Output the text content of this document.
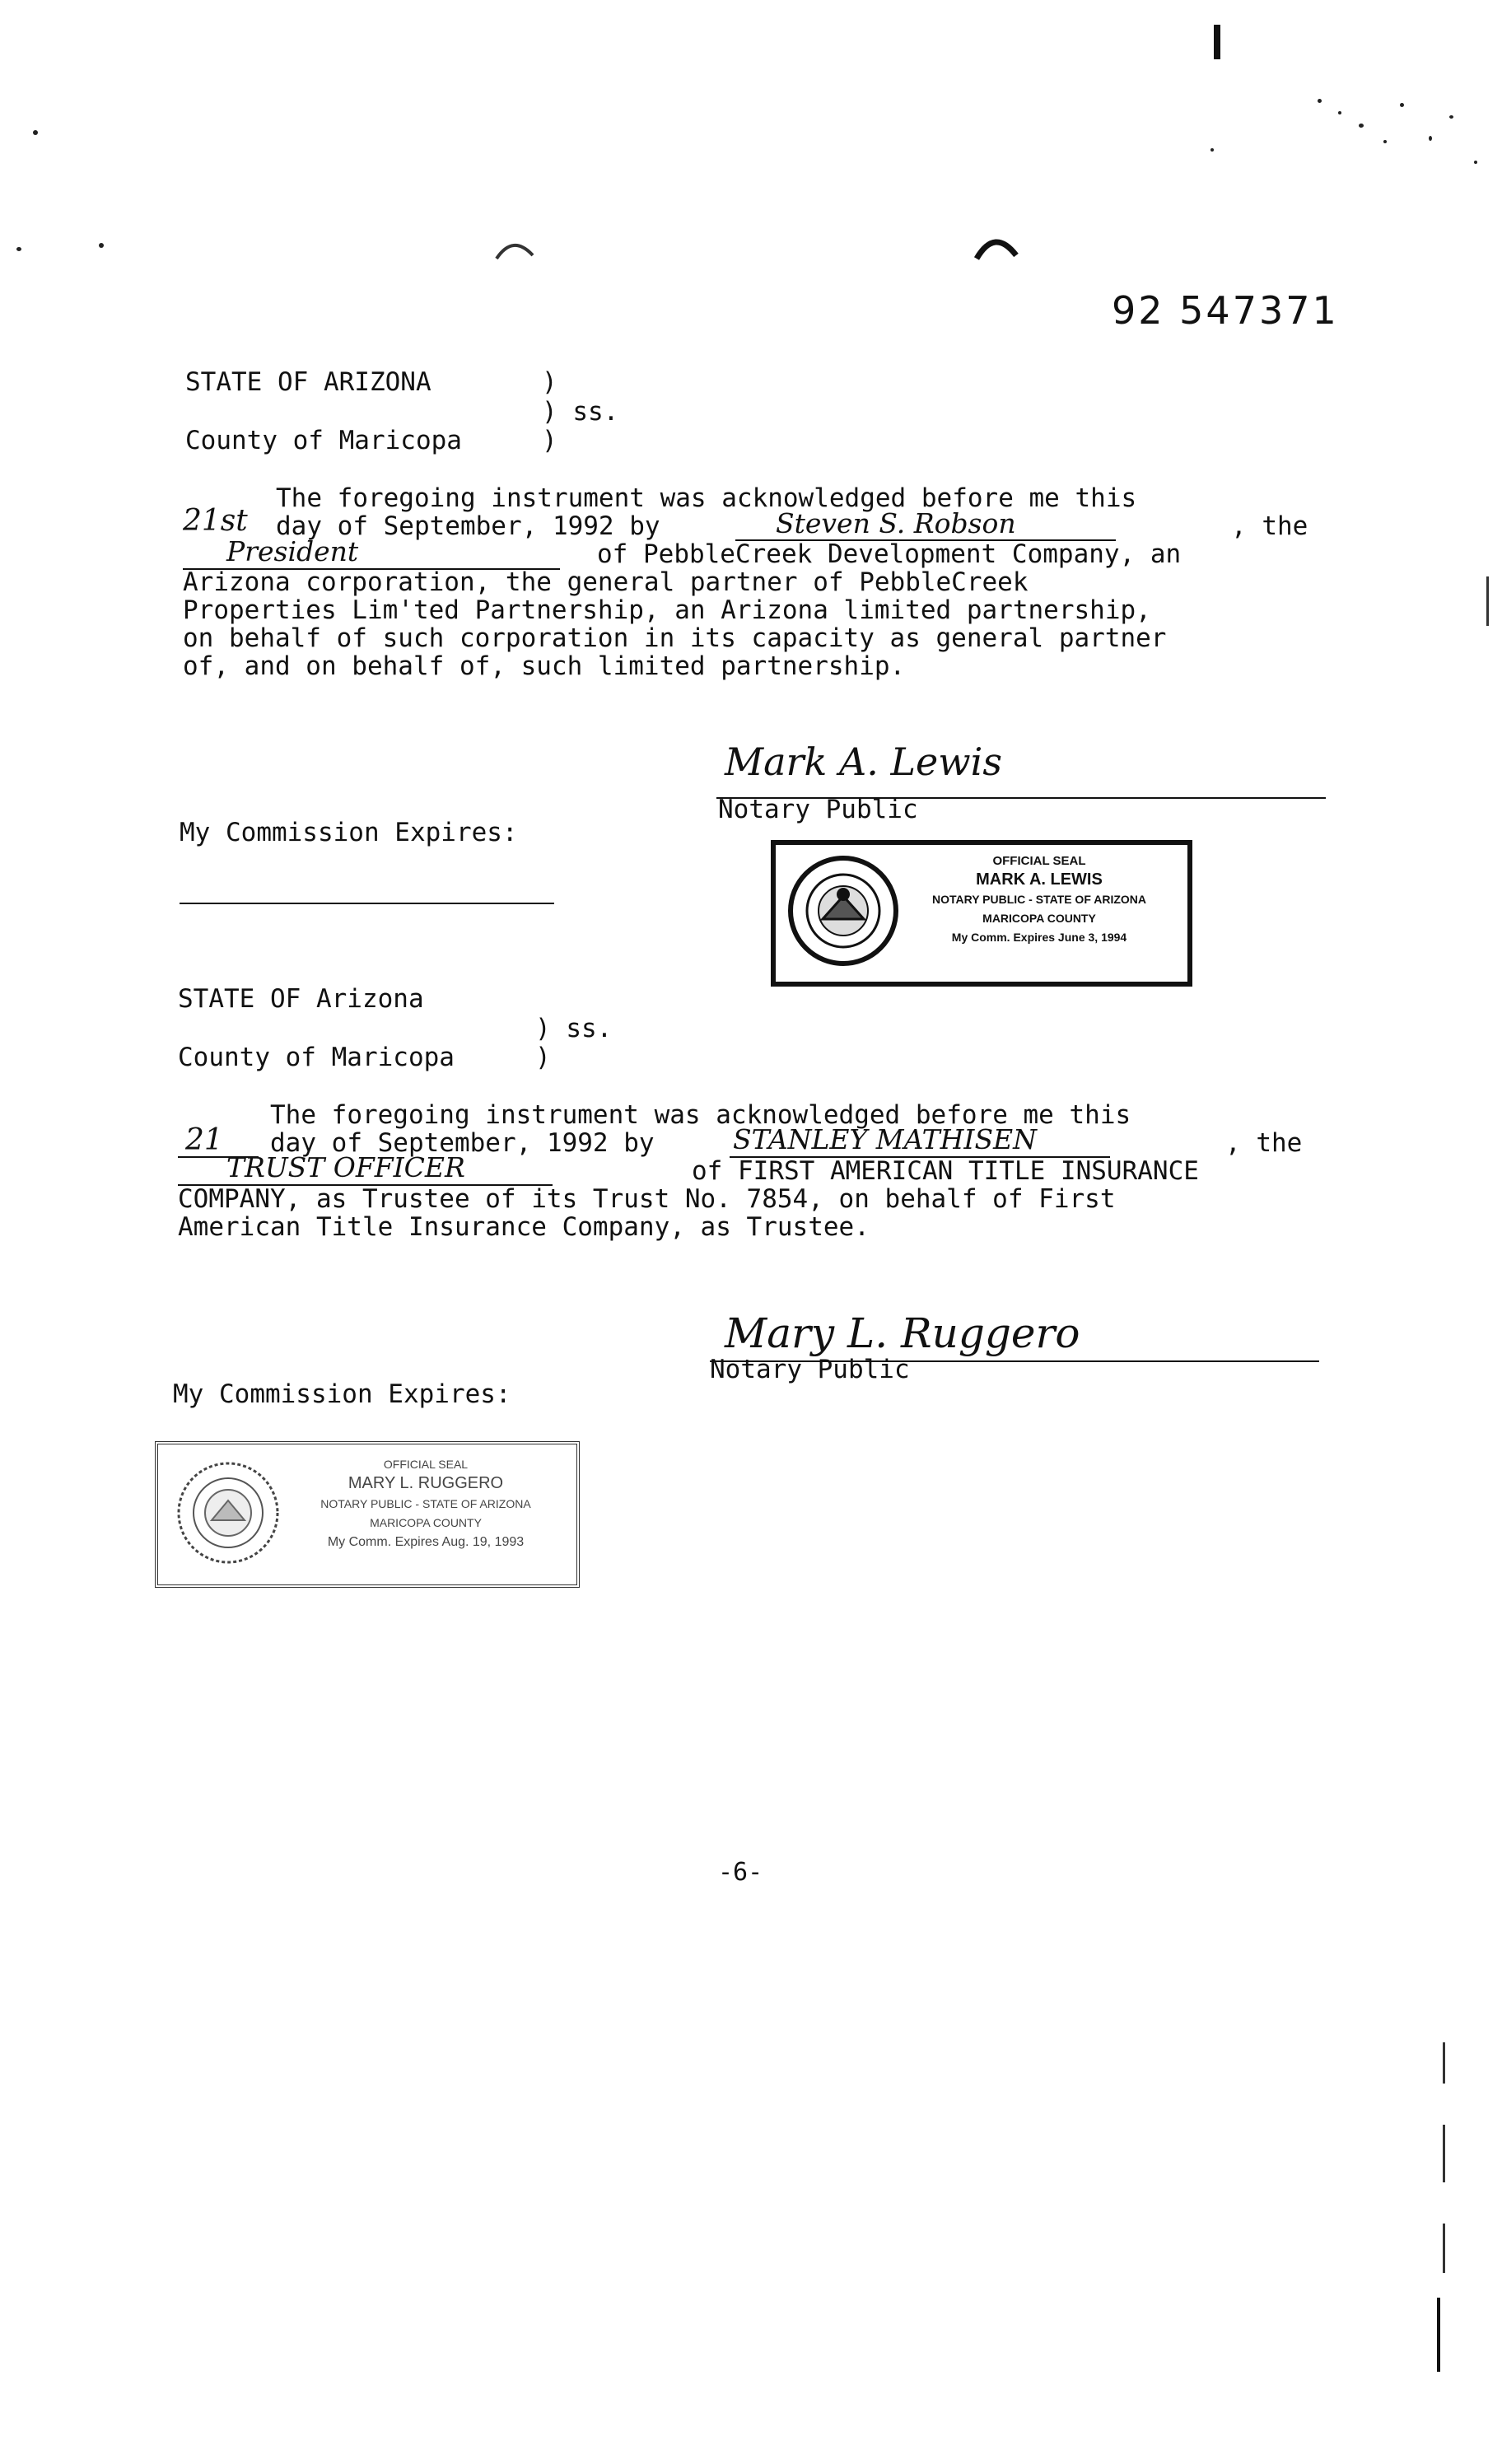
92 547371
STATE OF ARIZONA	)
) ss.
County of Maricopa	)
The foregoing instrument was acknowledged before me this
21st day of September, 1992 by	Steven S. Robson	, the
President	of PebbleCreek Development Company, an
Arizona corporation, the general partner of PebbleCreek
Properties Lim'ted Partnership, an Arizona limited partnership,
on behalf of such corporation in its capacity as general partner
of, and on behalf of, such limited partnership.
Mark A. Lewis
Notary Public
My Commission Expires:
OFFICIAL SEAL
MARK A. LEWIS
NOTARY PUBLIC - STATE OF ARIZONA
MARICOPA COUNTY
My Comm. Expires June 3, 1994
STATE OF Arizona
) ss.
County of Maricopa	)
The foregoing instrument was acknowledged before me this
21 day of September, 1992 by	STANLEY MATHISEN	, the
TRUST OFFICER	of FIRST AMERICAN TITLE INSURANCE
COMPANY, as Trustee of its Trust No. 7854, on behalf of First
American Title Insurance Company, as Trustee.
Mary L. Ruggero
Notary Public
My Commission Expires:
OFFICIAL SEAL
MARY L. RUGGERO
NOTARY PUBLIC - STATE OF ARIZONA
MARICOPA COUNTY
My Comm. Expires Aug. 19, 1993
-6-
